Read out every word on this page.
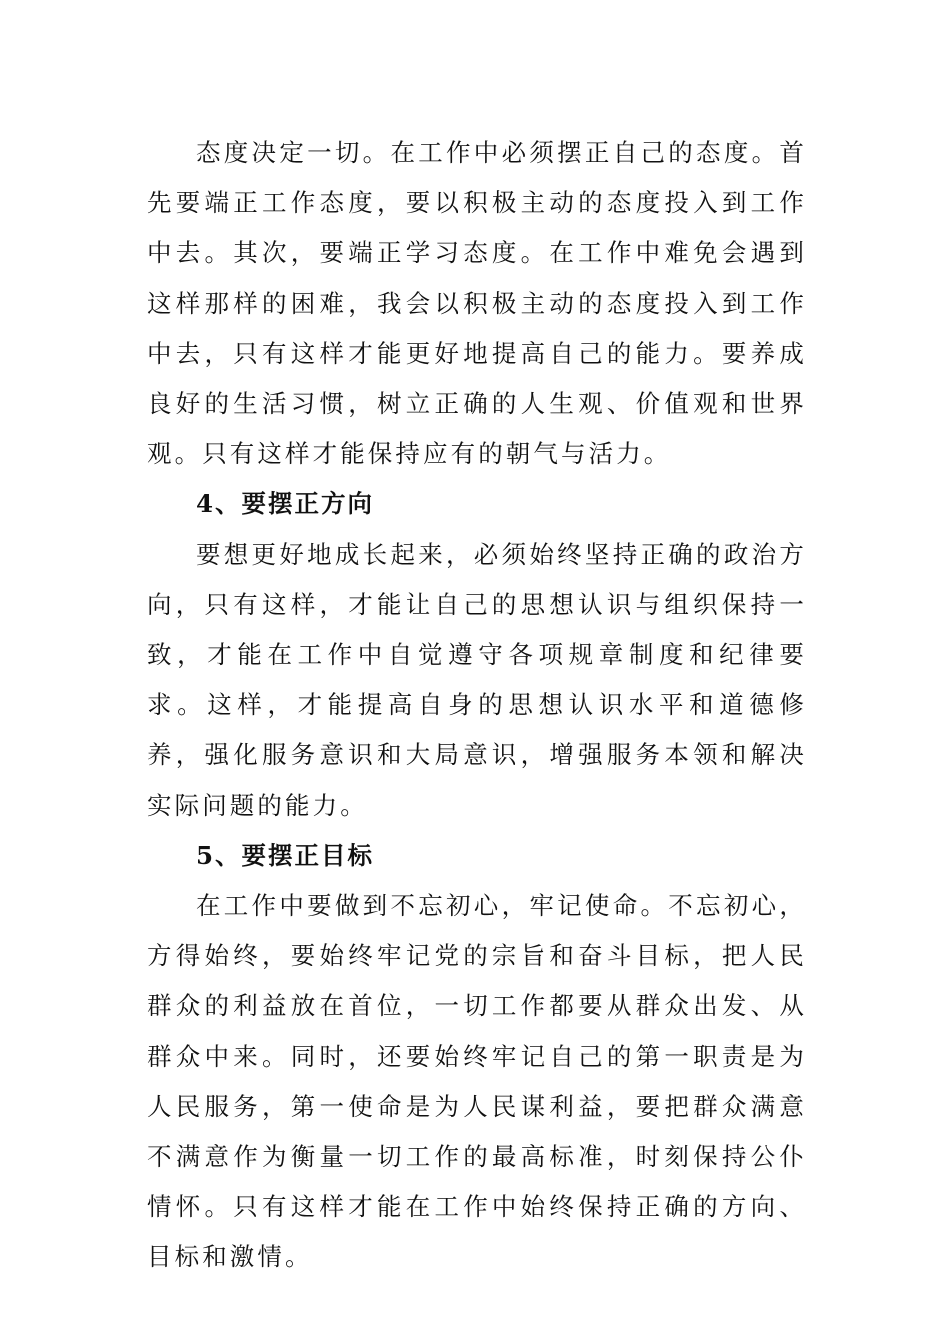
态度决定一切。在工作中必须摆正自己的态度。首先要端正工作态度，要以积极主动的态度投入到工作中去。其次，要端正学习态度。在工作中难免会遇到这样那样的困难，我会以积极主动的态度投入到工作中去，只有这样才能更好地提高自己的能力。要养成良好的生活习惯，树立正确的人生观、价值观和世界观。只有这样才能保持应有的朝气与活力。

4、要摆正方向

要想更好地成长起来，必须始终坚持正确的政治方向，只有这样，才能让自己的思想认识与组织保持一致，才能在工作中自觉遵守各项规章制度和纪律要求。这样，才能提高自身的思想认识水平和道德修养，强化服务意识和大局意识，增强服务本领和解决实际问题的能力。

5、要摆正目标

在工作中要做到不忘初心，牢记使命。不忘初心，方得始终，要始终牢记党的宗旨和奋斗目标，把人民群众的利益放在首位，一切工作都要从群众出发、从群众中来。同时，还要始终牢记自己的第一职责是为人民服务，第一使命是为人民谋利益，要把群众满意不满意作为衡量一切工作的最高标准，时刻保持公仆情怀。只有这样才能在工作中始终保持正确的方向、目标和激情。
